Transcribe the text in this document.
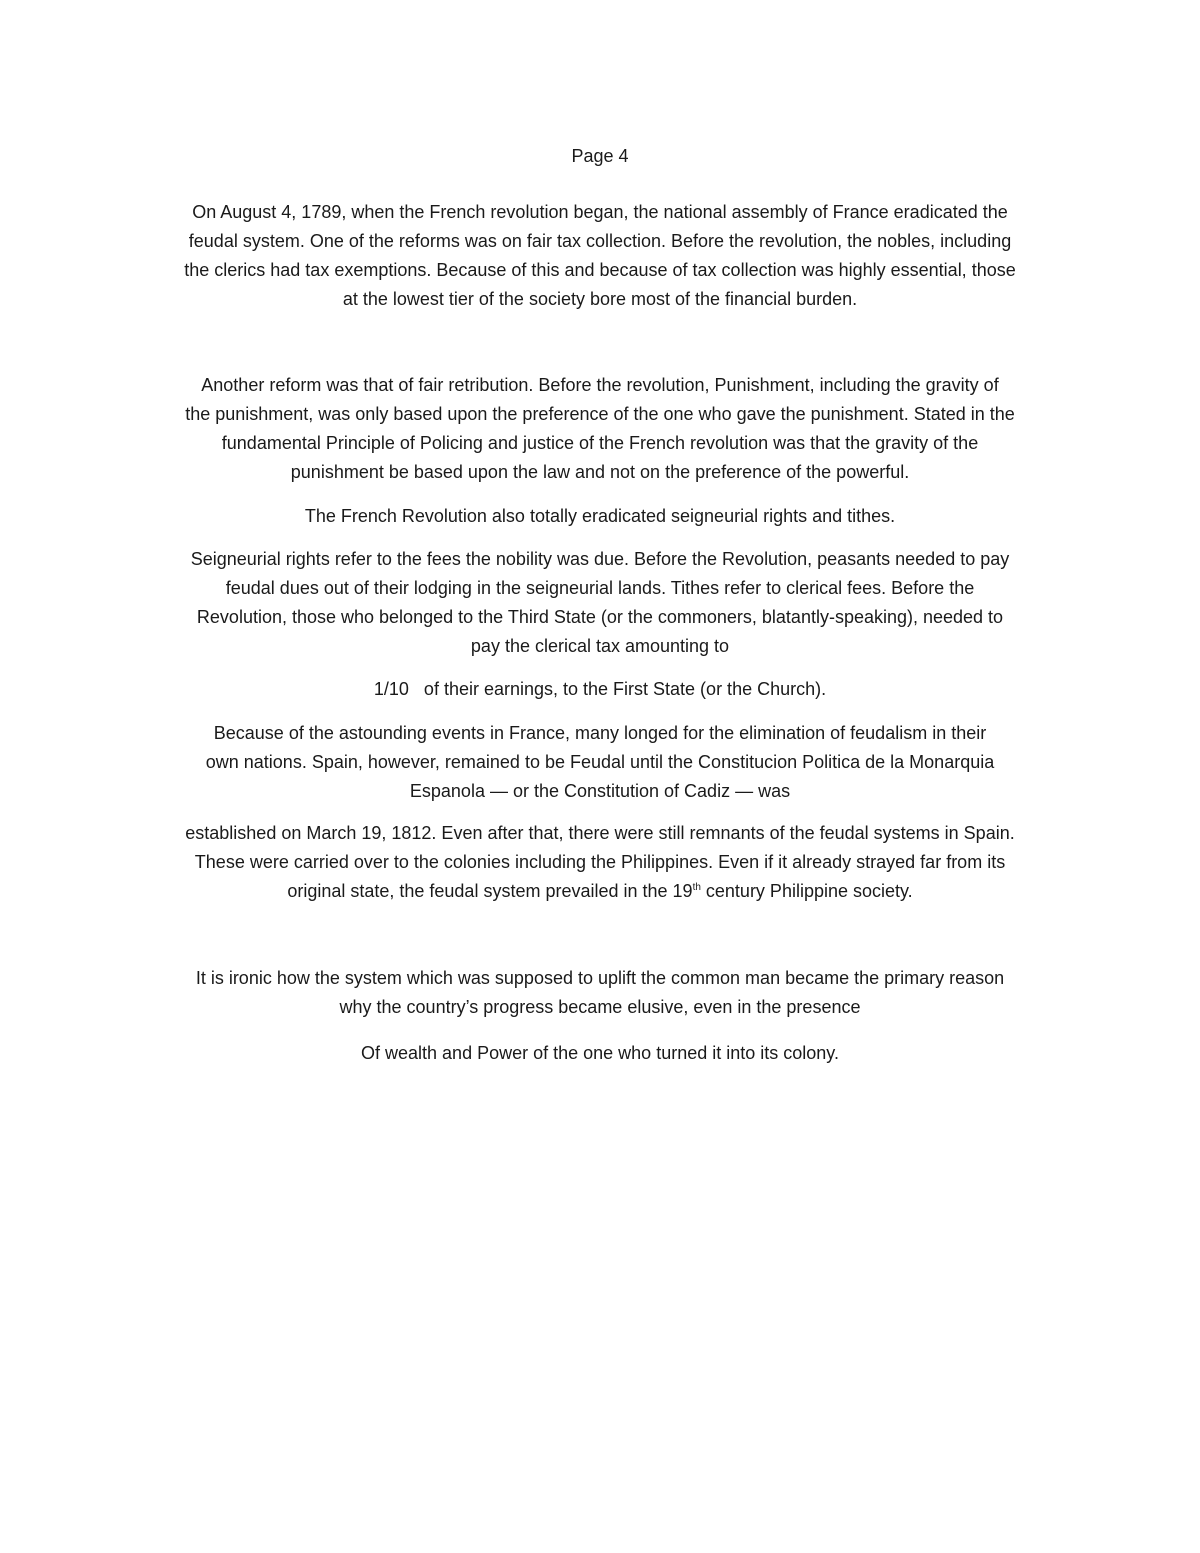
Page 4

On August 4, 1789, when the French revolution began, the national assembly of France eradicated the
feudal system. One of the reforms was on fair tax collection. Before the revolution, the nobles, including
the clerics had tax exemptions. Because of this and because of tax collection was highly essential, those
at the lowest tier of the society bore most of the financial burden.

Another reform was that of fair retribution. Before the revolution, Punishment, including the gravity of
the punishment, was only based upon the preference of the one who gave the punishment. Stated in the
fundamental Principle of Policing and justice of the French revolution was that the gravity of the
punishment be based upon the law and not on the preference of the powerful.

The French Revolution also totally eradicated seigneurial rights and tithes.

Seigneurial rights refer to the fees the nobility was due. Before the Revolution, peasants needed to pay
feudal dues out of their lodging in the seigneurial lands. Tithes refer to clerical fees. Before the
Revolution, those who belonged to the Third State (or the commoners, blatantly-speaking), needed to
pay the clerical tax amounting to

1/10   of their earnings, to the First State (or the Church).

Because of the astounding events in France, many longed for the elimination of feudalism in their
own nations. Spain, however, remained to be Feudal until the Constitucion Politica de la Monarquia
Espanola — or the Constitution of Cadiz — was

established on March 19, 1812. Even after that, there were still remnants of the feudal systems in Spain.
These were carried over to the colonies including the Philippines. Even if it already strayed far from its
original state, the feudal system prevailed in the 19th century Philippine society.

It is ironic how the system which was supposed to uplift the common man became the primary reason
why the country’s progress became elusive, even in the presence

Of wealth and Power of the one who turned it into its colony.
